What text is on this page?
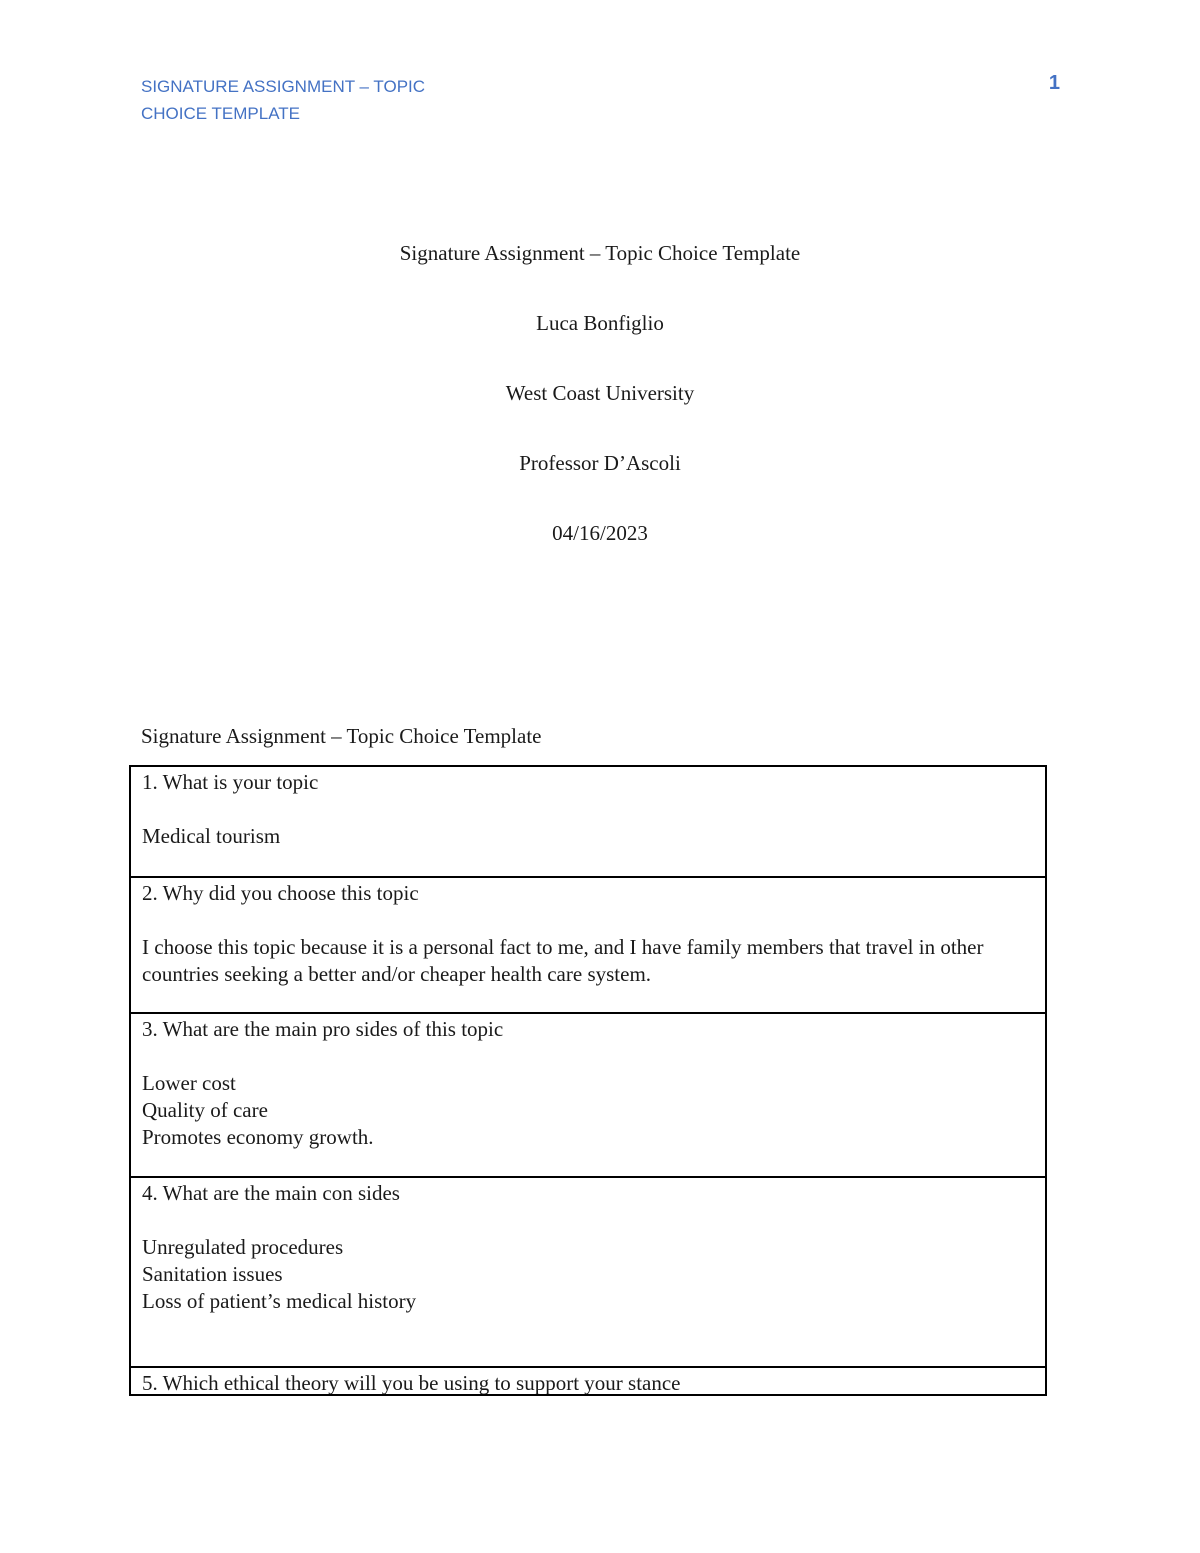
SIGNATURE ASSIGNMENT – TOPIC
CHOICE TEMPLATE
1
Signature Assignment – Topic Choice Template
Luca Bonfiglio
West Coast University
Professor D’Ascoli
04/16/2023
Signature Assignment – Topic Choice Template
1. What is your topic
Medical tourism
2. Why did you choose this topic
I choose this topic because it is a personal fact to me, and I have family members that travel in other countries seeking a better and/or cheaper health care system.
3. What are the main pro sides of this topic
Lower cost
Quality of care
Promotes economy growth.
4. What are the main con sides
Unregulated procedures
Sanitation issues
Loss of patient’s medical history
5. Which ethical theory will you be using to support your stance
